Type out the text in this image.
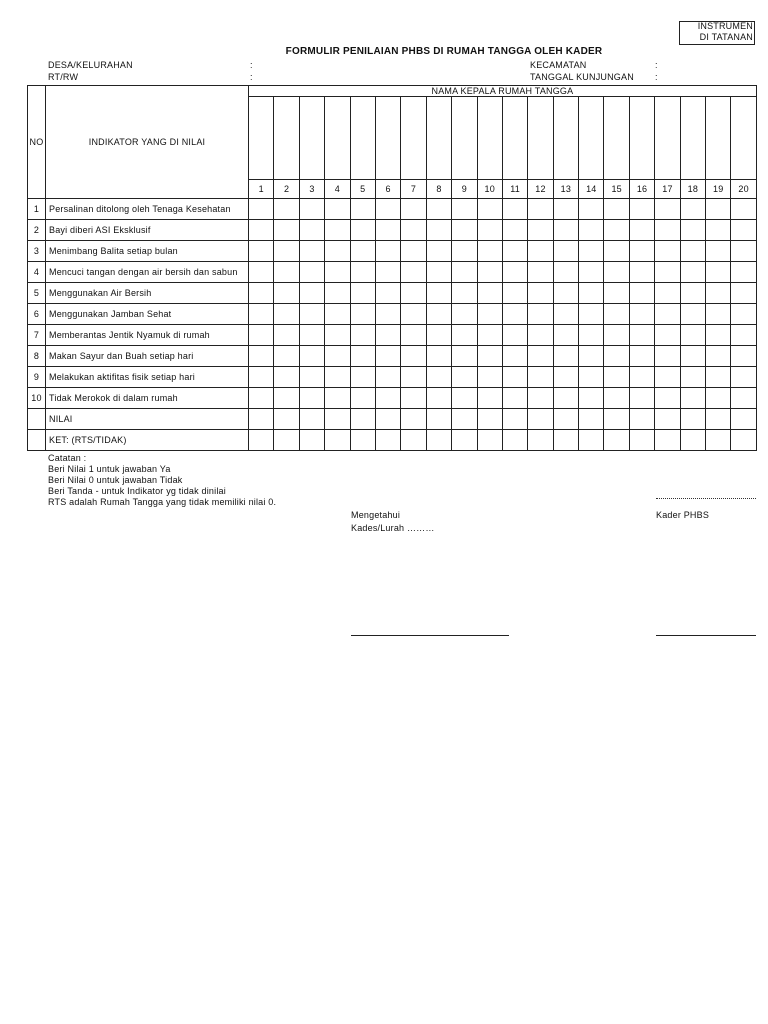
INSTRUMEN
DI TATANAN
FORMULIR PENILAIAN PHBS DI RUMAH TANGGA OLEH KADER
DESA/KELURAHAN	:
RT/RW	:
KECAMATAN	:
TANGGAL KUNJUNGAN :
NO	INDIKATOR YANG DI NILAI	NAMA KEPALA RUMAH TANGGA																			

		1	2	3	4	5	6	7	8	9	10	11	12	13	14	15	16	17	18	19	20
1	Persalinan ditolong oleh Tenaga Kesehatan																				
2	Bayi diberi ASI Eksklusif																				
3	Menimbang Balita setiap bulan																				
4	Mencuci tangan dengan air bersih dan sabun																				
5	Menggunakan Air Bersih																				
6	Menggunakan Jamban Sehat																				
7	Memberantas Jentik Nyamuk di rumah																				
8	Makan Sayur dan Buah setiap hari																				
9	Melakukan aktifitas fisik setiap hari																				
10	Tidak Merokok di dalam rumah																				
	NILAI																				
	KET: (RTS/TIDAK)																				
Catatan :
Beri Nilai 1 untuk jawaban Ya
Beri Nilai 0 untuk jawaban Tidak
Beri Tanda - untuk Indikator yg tidak dinilai
RTS adalah Rumah Tangga yang tidak memiliki nilai 0.
Mengetahui
Kades/Lurah ………
Kader PHBS
